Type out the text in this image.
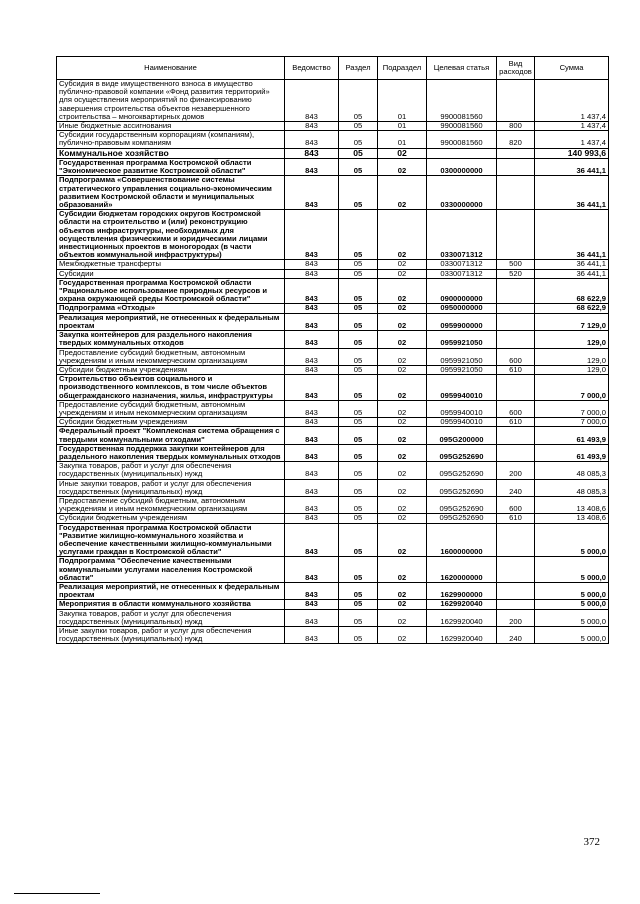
Наименование	Ведомство	Раздел	Подраздел	Целевая статья	Вид расходов	Сумма
Субсидия в виде имущественного взноса в имущество публично-правовой компании «Фонд развития территорий» для осуществления мероприятий по финансированию завершения строительства объектов незавершенного строительства – многоквартирных домов	843	05	01	9900081560		1 437,4
Иные бюджетные ассигнования	843	05	01	9900081560	800	1 437,4
Субсидии государственным корпорациям (компаниям), публично-правовым компаниям	843	05	01	9900081560	820	1 437,4
Коммунальное хозяйство	843	05	02			140 993,6
Государственная программа Костромской области "Экономическое развитие Костромской области"	843	05	02	0300000000		36 441,1
Подпрограмма «Совершенствование системы стратегического управления социально-экономическим развитием Костромской области и муниципальных образований»	843	05	02	0330000000		36 441,1
Субсидии бюджетам городских округов Костромской области на строительство и (или) реконструкцию объектов инфраструктуры, необходимых для осуществления физическими и юридическими лицами инвестиционных проектов в моногородах (в части объектов коммунальной инфраструктуры)	843	05	02	0330071312		36 441,1
Межбюджетные трансферты	843	05	02	0330071312	500	36 441,1
Субсидии	843	05	02	0330071312	520	36 441,1
Государственная программа Костромской области "Рациональное использование природных ресурсов и охрана окружающей среды Костромской области"	843	05	02	0900000000		68 622,9
Подпрограмма «Отходы»	843	05	02	0950000000		68 622,9
Реализация мероприятий, не отнесенных к федеральным проектам	843	05	02	0959900000		7 129,0
Закупка контейнеров для раздельного накопления твердых коммунальных отходов	843	05	02	0959921050		129,0
Предоставление субсидий бюджетным, автономным учреждениям и иным некоммерческим организациям	843	05	02	0959921050	600	129,0
Субсидии бюджетным учреждениям	843	05	02	0959921050	610	129,0
Строительство объектов социального и производственного комплексов, в том числе объектов общегражданского назначения, жилья, инфраструктуры	843	05	02	0959940010		7 000,0
Предоставление субсидий бюджетным, автономным учреждениям и иным некоммерческим организациям	843	05	02	0959940010	600	7 000,0
Субсидии бюджетным учреждениям	843	05	02	0959940010	610	7 000,0
Федеральный проект "Комплексная система обращения с твердыми коммунальными отходами"	843	05	02	095G200000		61 493,9
Государственная поддержка закупки контейнеров для раздельного накопления твердых коммунальных отходов	843	05	02	095G252690		61 493,9
Закупка товаров, работ и услуг для обеспечения государственных (муниципальных) нужд	843	05	02	095G252690	200	48 085,3
Иные закупки товаров, работ и услуг для обеспечения государственных (муниципальных) нужд	843	05	02	095G252690	240	48 085,3
Предоставление субсидий бюджетным, автономным учреждениям и иным некоммерческим организациям	843	05	02	095G252690	600	13 408,6
Субсидии бюджетным учреждениям	843	05	02	095G252690	610	13 408,6
Государственная программа Костромской области "Развитие жилищно-коммунального хозяйства и обеспечение качественными жилищно-коммунальными услугами граждан в Костромской области"	843	05	02	1600000000		5 000,0
Подпрограмма "Обеспечение качественными коммунальными услугами населения Костромской области"	843	05	02	1620000000		5 000,0
Реализация мероприятий, не отнесенных к федеральным проектам	843	05	02	1629900000		5 000,0
Мероприятия в области коммунального хозяйства	843	05	02	1629920040		5 000,0
Закупка товаров, работ и услуг для обеспечения государственных (муниципальных) нужд	843	05	02	1629920040	200	5 000,0
Иные закупки товаров, работ и услуг для обеспечения государственных (муниципальных) нужд	843	05	02	1629920040	240	5 000,0
372
